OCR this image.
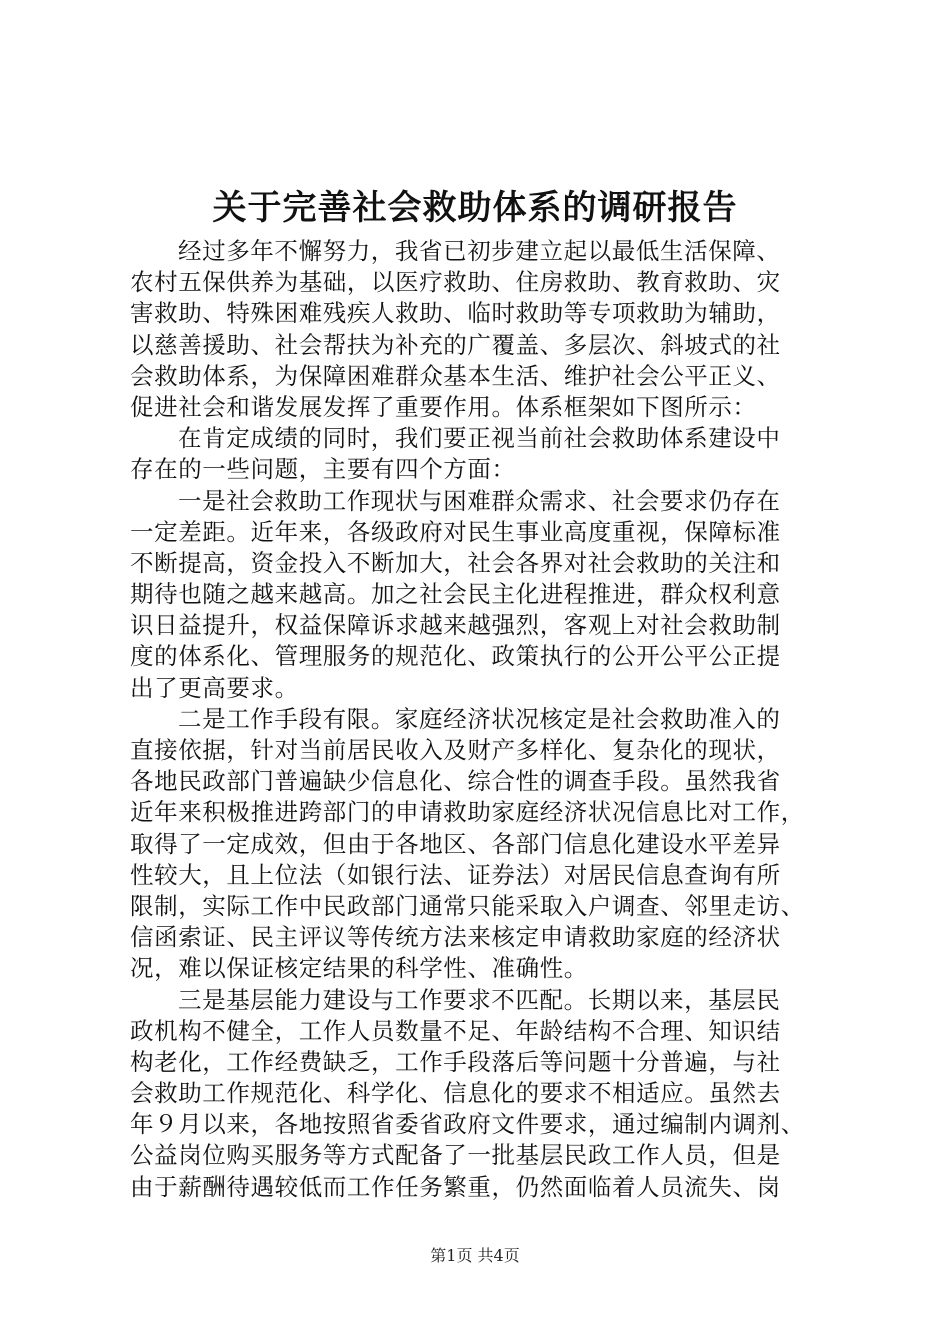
关于完善社会救助体系的调研报告
经过多年不懈努力，我省已初步建立起以最低生活保障、
农村五保供养为基础，以医疗救助、住房救助、教育救助、灾
害救助、特殊困难残疾人救助、临时救助等专项救助为辅助，
以慈善援助、社会帮扶为补充的广覆盖、多层次、斜坡式的社
会救助体系，为保障困难群众基本生活、维护社会公平正义、
促进社会和谐发展发挥了重要作用。体系框架如下图所示：
在肯定成绩的同时，我们要正视当前社会救助体系建设中
存在的一些问题，主要有四个方面：
一是社会救助工作现状与困难群众需求、社会要求仍存在
一定差距。近年来，各级政府对民生事业高度重视，保障标准
不断提高，资金投入不断加大，社会各界对社会救助的关注和
期待也随之越来越高。加之社会民主化进程推进，群众权利意
识日益提升，权益保障诉求越来越强烈，客观上对社会救助制
度的体系化、管理服务的规范化、政策执行的公开公平公正提
出了更高要求。
二是工作手段有限。家庭经济状况核定是社会救助准入的
直接依据，针对当前居民收入及财产多样化、复杂化的现状，
各地民政部门普遍缺少信息化、综合性的调查手段。虽然我省
近年来积极推进跨部门的申请救助家庭经济状况信息比对工作，
取得了一定成效，但由于各地区、各部门信息化建设水平差异
性较大，且上位法（如银行法、证券法）对居民信息查询有所
限制，实际工作中民政部门通常只能采取入户调查、邻里走访、
信函索证、民主评议等传统方法来核定申请救助家庭的经济状
况，难以保证核定结果的科学性、准确性。
三是基层能力建设与工作要求不匹配。长期以来，基层民
政机构不健全，工作人员数量不足、年龄结构不合理、知识结
构老化，工作经费缺乏，工作手段落后等问题十分普遍，与社
会救助工作规范化、科学化、信息化的要求不相适应。虽然去
年９月以来，各地按照省委省政府文件要求，通过编制内调剂、
公益岗位购买服务等方式配备了一批基层民政工作人员，但是
由于薪酬待遇较低而工作任务繁重，仍然面临着人员流失、岗
第1页 共4页
